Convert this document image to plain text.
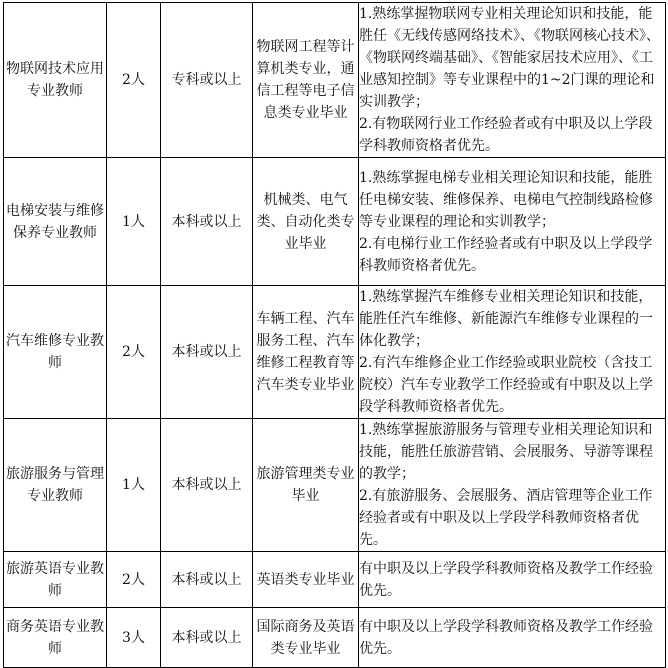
物联网技术应用专业教师	2人	专科或以上	物联网工程等计算机类专业，通信工程等电子信息类专业毕业	1.熟练掌握物联网专业相关理论知识和技能，能胜任《无线传感网络技术》、《物联网核心技术》、《物联网终端基础》、《智能家居技术应用》、《工业感知控制》等专业课程中的1~2门课的理论和实训教学；
2.有物联网行业工作经验者或有中职及以上学段学科教师资格者优先。

电梯安装与维修保养专业教师	1人	本科或以上	机械类、电气类、自动化类专业毕业	1.熟练掌握电梯专业相关理论知识和技能，能胜任电梯安装、维修保养、电梯电气控制线路检修等专业课程的理论和实训教学；
2.有电梯行业工作经验者或有中职及以上学段学科教师资格者优先。

汽车维修专业教师	2人	本科或以上	车辆工程、汽车服务工程、汽车维修工程教育等汽车类专业毕业	1.熟练掌握汽车维修专业相关理论知识和技能，能胜任汽车维修、新能源汽车维修专业课程的一体化教学；
2.有汽车维修企业工作经验或职业院校（含技工院校）汽车专业教学工作经验或有中职及以上学段学科教师资格者优先。

旅游服务与管理专业教师	1人	本科或以上	旅游管理类专业毕业	1.熟练掌握旅游服务与管理专业相关理论知识和技能，能胜任旅游营销、会展服务、导游等课程的教学；
2.有旅游服务、会展服务、酒店管理等企业工作经验者或有中职及以上学段学科教师资格者优先。

旅游英语专业教师	2人	本科或以上	英语类专业毕业	有中职及以上学段学科教师资格及教学工作经验优先。

商务英语专业教师	3人	本科或以上	国际商务及英语类专业毕业	有中职及以上学段学科教师资格及教学工作经验优先。
